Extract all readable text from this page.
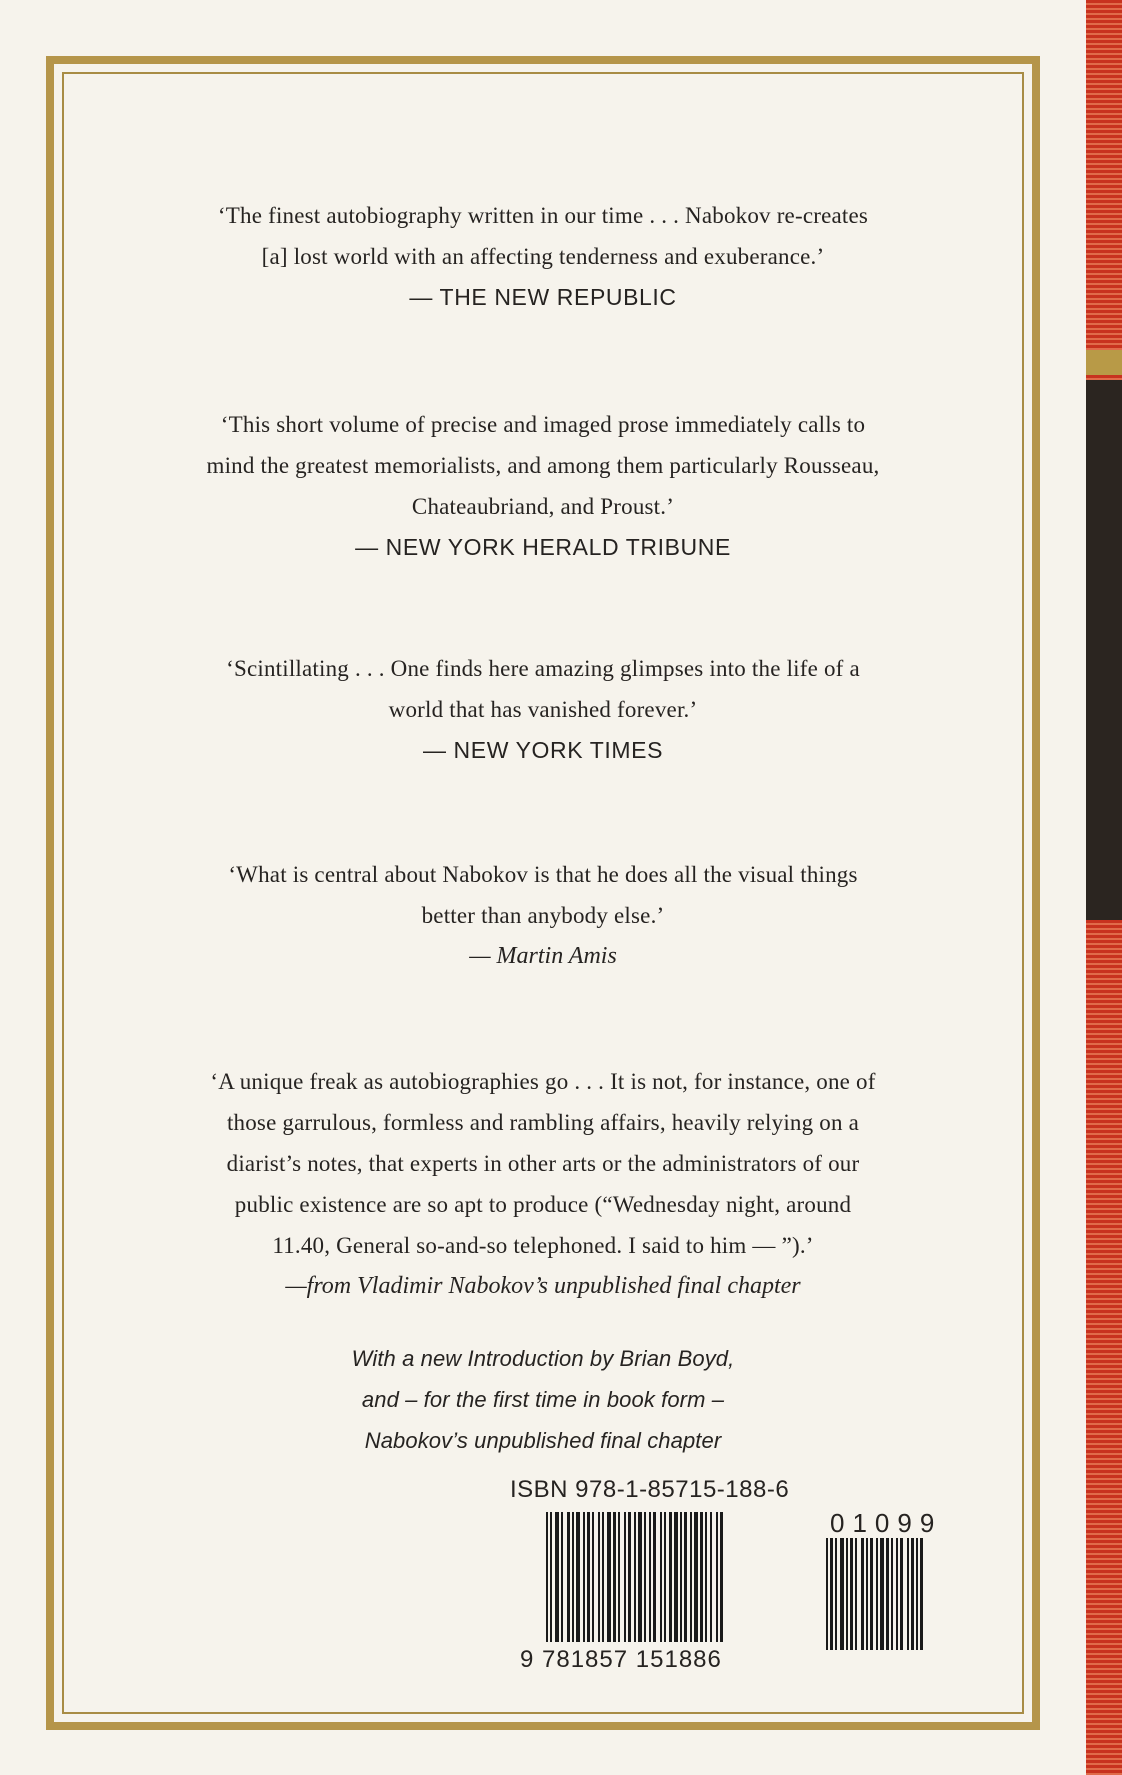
‘The finest autobiography written in our time . . . Nabokov re-creates
[a] lost world with an affecting tenderness and exuberance.’
— THE NEW REPUBLIC
‘This short volume of precise and imaged prose immediately calls to
mind the greatest memorialists, and among them particularly Rousseau,
Chateaubriand, and Proust.’
— NEW YORK HERALD TRIBUNE
‘Scintillating . . . One finds here amazing glimpses into the life of a
world that has vanished forever.’
— NEW YORK TIMES
‘What is central about Nabokov is that he does all the visual things
better than anybody else.’
— Martin Amis
‘A unique freak as autobiographies go . . . It is not, for instance, one of
those garrulous, formless and rambling affairs, heavily relying on a
diarist’s notes, that experts in other arts or the administrators of our
public existence are so apt to produce (“Wednesday night, around
11.40, General so-and-so telephoned. I said to him — ”).’
—from Vladimir Nabokov’s unpublished final chapter
With a new Introduction by Brian Boyd,
and – for the first time in book form –
Nabokov’s unpublished final chapter
ISBN 978-1-85715-188-6
9 781857 151886
01099
